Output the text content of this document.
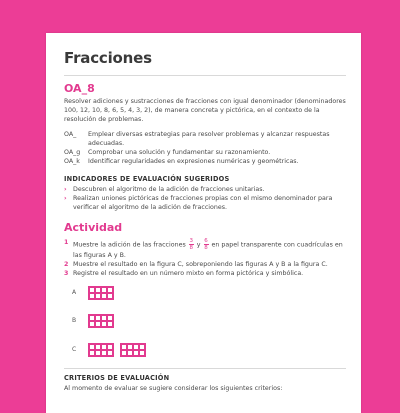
Fracciones
OA_8

Resolver adiciones y sustracciones de fracciones con igual denominador (denominadores 100, 12, 10, 8, 6, 5, 4, 3, 2), de manera concreta y pictórica, en el contexto de la resolución de problemas.

OA_	Emplear diversas estrategias para resolver problemas y alcanzar respuestas adecuadas.
OA_g	Comprobar una solución y fundamentar su razonamiento.
OA_k	Identificar regularidades en expresiones numéricas y geométricas.
INDICADORES DE EVALUACIÓN SUGERIDOS
›	Descubren el algoritmo de la adición de fracciones unitarias.
›	Realizan uniones pictóricas de fracciones propias con el mismo denominador para verificar el algoritmo de la adición de fracciones.
Actividad
1 Muestre la adición de las fracciones $\frac{3}{8}$ y $\frac{6}{8}$ en papel transparente con cuadrículas en las figuras A y B.
2 Muestre el resultado en la figura C, sobreponiendo las figuras A y B a la figura C.
3 Registre el resultado en un número mixto en forma pictórica y simbólica.
A
B
C
CRITERIOS DE EVALUACIÓN
Al momento de evaluar se sugiere considerar los siguientes criterios:
